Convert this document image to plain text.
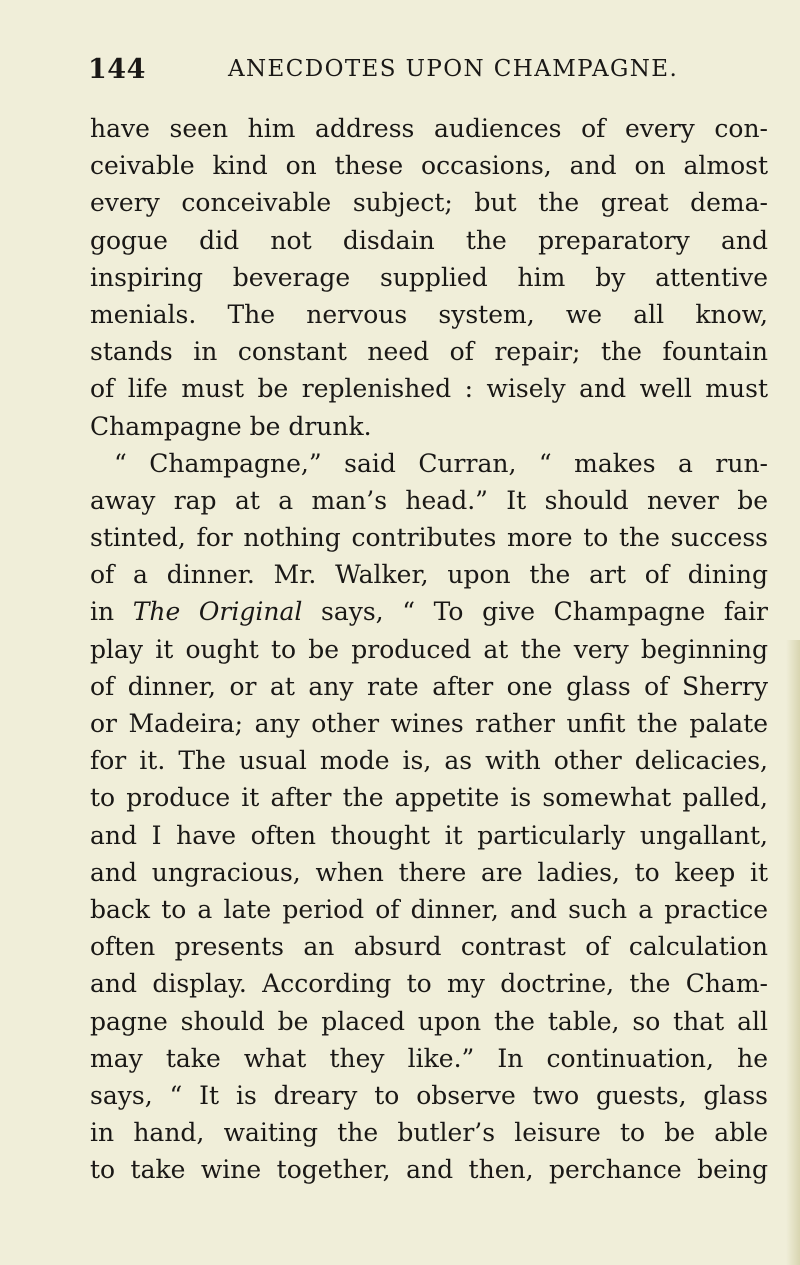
144	ANECDOTES UPON CHAMPAGNE.
have seen him address audiences of every con-
ceivable kind on these occasions, and on almost
every conceivable subject; but the great dema-
gogue did not disdain the preparatory and
inspiring beverage supplied him by attentive
menials. The nervous system, we all know,
stands in constant need of repair; the fountain
of life must be replenished : wisely and well must
Champagne be drunk.
“ Champagne,” said Curran, “ makes a run-
away rap at a man’s head.” It should never be
stinted, for nothing contributes more to the success
of a dinner. Mr. Walker, upon the art of dining
in The Original says, “ To give Champagne fair
play it ought to be produced at the very beginning
of dinner, or at any rate after one glass of Sherry
or Madeira; any other wines rather unfit the palate
for it. The usual mode is, as with other delicacies,
to produce it after the appetite is somewhat palled,
and I have often thought it particularly ungallant,
and ungracious, when there are ladies, to keep it
back to a late period of dinner, and such a practice
often presents an absurd contrast of calculation
and display. According to my doctrine, the Cham-
pagne should be placed upon the table, so that all
may take what they like.” In continuation, he
says, “ It is dreary to observe two guests, glass
in hand, waiting the butler’s leisure to be able
to take wine together, and then, perchance being
